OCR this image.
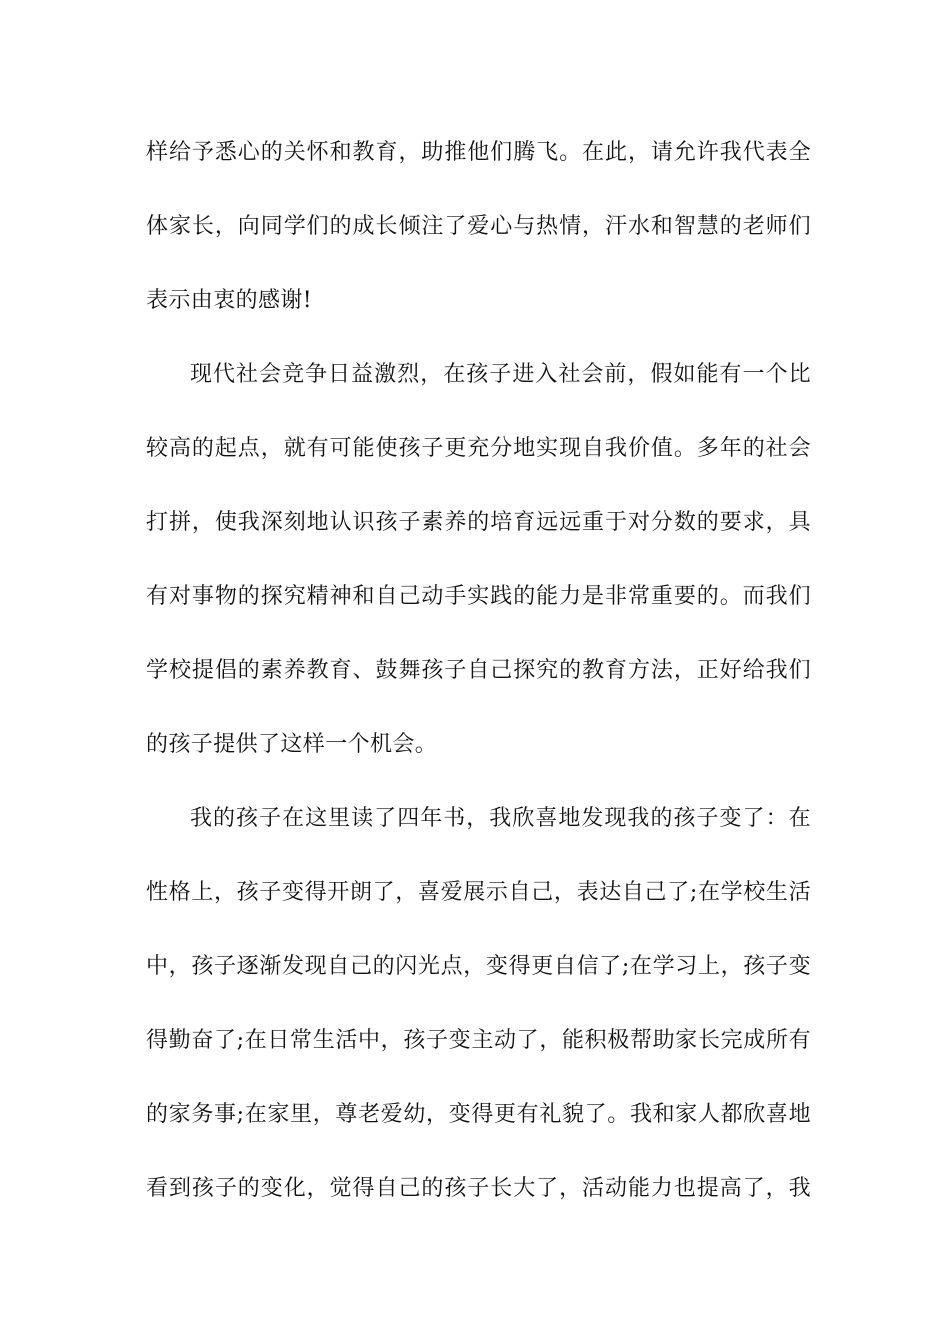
样给予悉心的关怀和教育，助推他们腾飞。在此，请允许我代表全
体家长，向同学们的成长倾注了爱心与热情，汗水和智慧的老师们
表示由衷的感谢!
现代社会竞争日益激烈，在孩子进入社会前，假如能有一个比
较高的起点，就有可能使孩子更充分地实现自我价值。多年的社会
打拼，使我深刻地认识孩子素养的培育远远重于对分数的要求，具
有对事物的探究精神和自己动手实践的能力是非常重要的。而我们
学校提倡的素养教育、鼓舞孩子自己探究的教育方法，正好给我们
的孩子提供了这样一个机会。
我的孩子在这里读了四年书，我欣喜地发现我的孩子变了：在
性格上，孩子变得开朗了，喜爱展示自己，表达自己了;在学校生活
中，孩子逐渐发现自己的闪光点，变得更自信了;在学习上，孩子变
得勤奋了;在日常生活中，孩子变主动了，能积极帮助家长完成所有
的家务事;在家里，尊老爱幼，变得更有礼貌了。我和家人都欣喜地
看到孩子的变化，觉得自己的孩子长大了，活动能力也提高了，我
